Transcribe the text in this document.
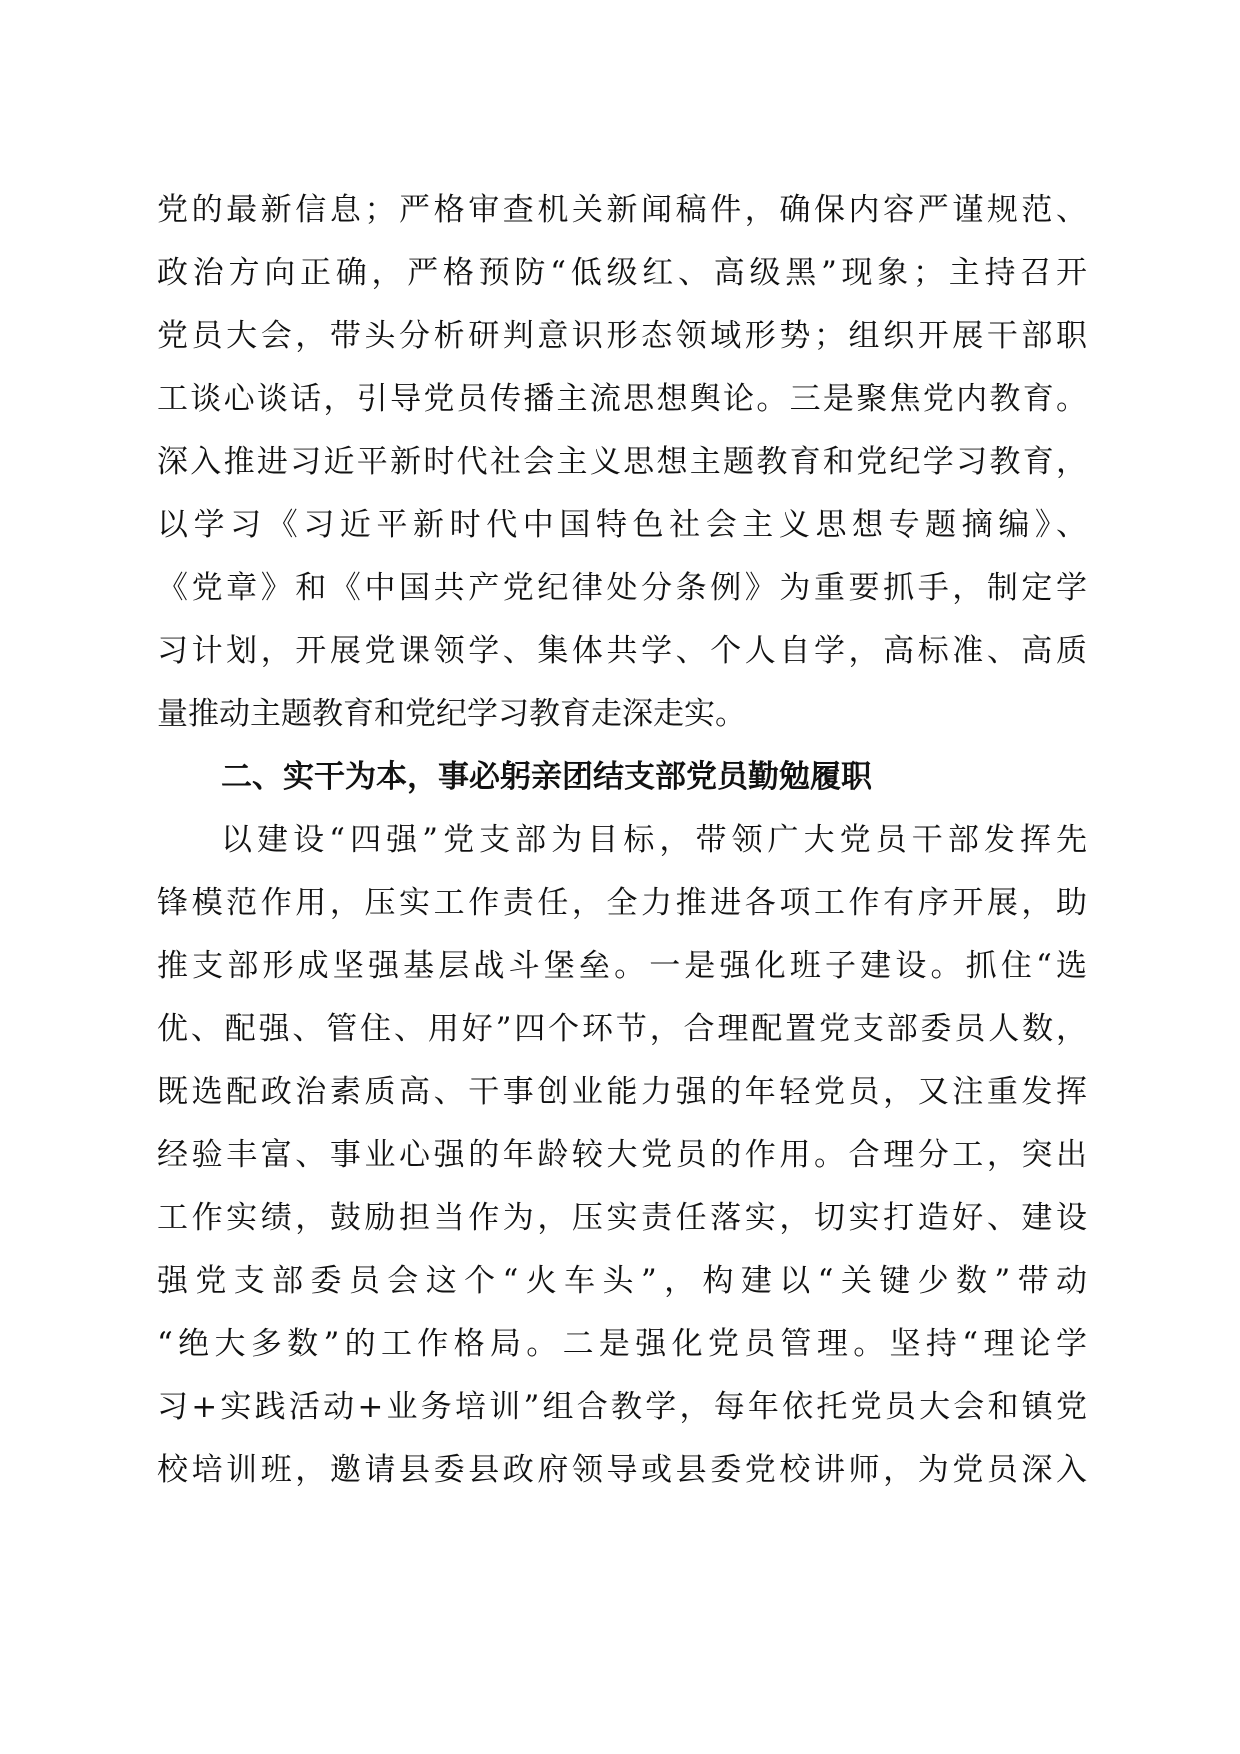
党的最新信息；严格审查机关新闻稿件，确保内容严谨规范、
政治方向正确，严格预防“低级红、高级黑”现象；主持召开
党员大会，带头分析研判意识形态领域形势；组织开展干部职
工谈心谈话，引导党员传播主流思想舆论。三是聚焦党内教育。
深入推进习近平新时代社会主义思想主题教育和党纪学习教育，
以学习《习近平新时代中国特色社会主义思想专题摘编》、
《党章》和《中国共产党纪律处分条例》为重要抓手，制定学
习计划，开展党课领学、集体共学、个人自学，高标准、高质
量推动主题教育和党纪学习教育走深走实。
二、实干为本，事必躬亲团结支部党员勤勉履职
以建设“四强”党支部为目标，带领广大党员干部发挥先
锋模范作用，压实工作责任，全力推进各项工作有序开展，助
推支部形成坚强基层战斗堡垒。一是强化班子建设。抓住“选
优、配强、管住、用好”四个环节，合理配置党支部委员人数，
既选配政治素质高、干事创业能力强的年轻党员，又注重发挥
经验丰富、事业心强的年龄较大党员的作用。合理分工，突出
工作实绩，鼓励担当作为，压实责任落实，切实打造好、建设
强党支部委员会这个“火车头”，构建以“关键少数”带动
“绝大多数”的工作格局。二是强化党员管理。坚持“理论学
习+实践活动+业务培训”组合教学，每年依托党员大会和镇党
校培训班，邀请县委县政府领导或县委党校讲师，为党员深入
